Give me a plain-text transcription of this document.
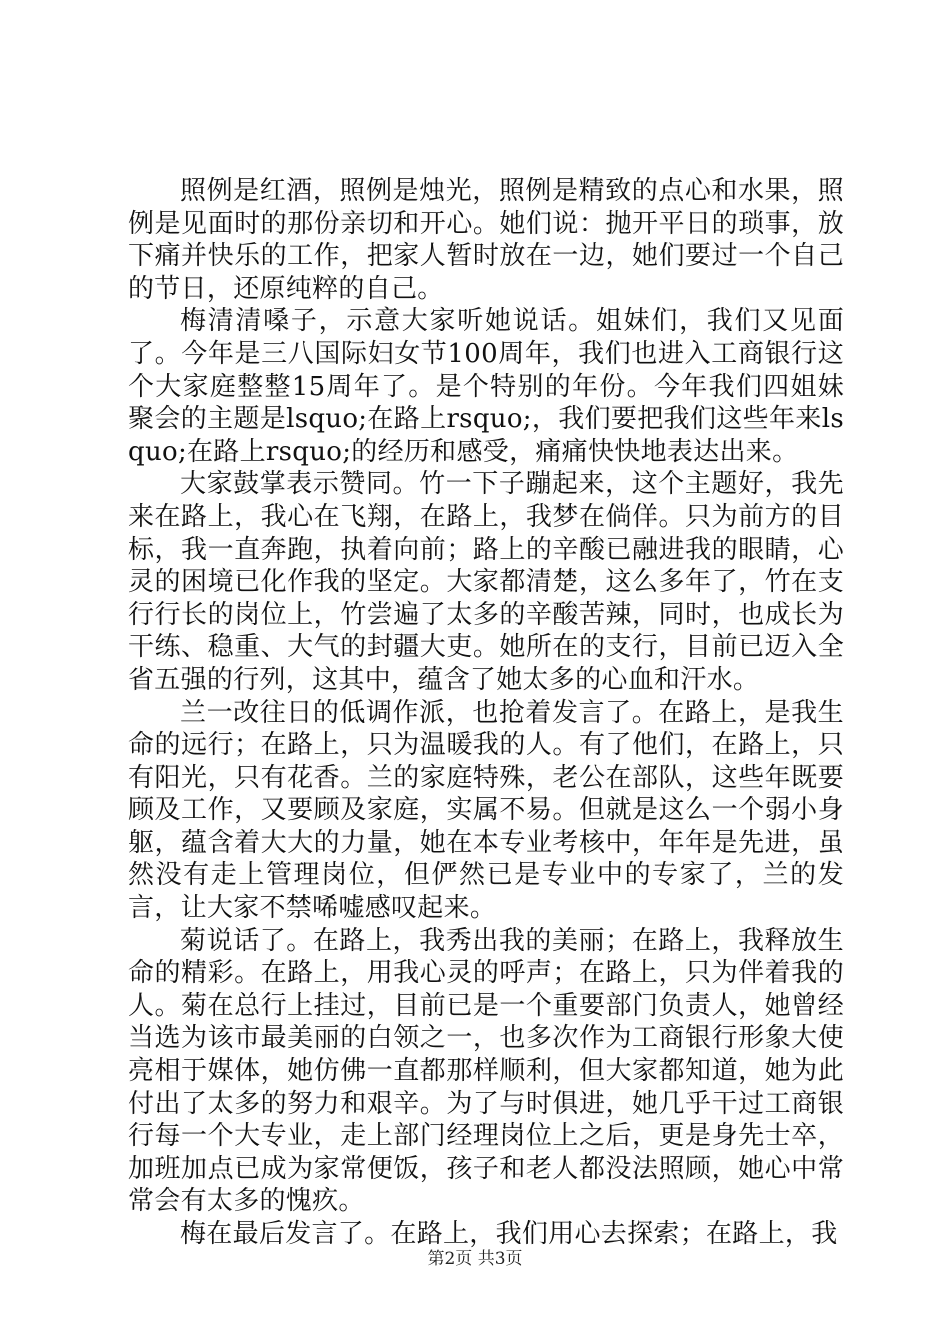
照例是红酒，照例是烛光，照例是精致的点心和水果，照例是见面时的那份亲切和开心。她们说：抛开平日的琐事，放下痛并快乐的工作，把家人暂时放在一边，她们要过一个自己的节日，还原纯粹的自己。

梅清清嗓子，示意大家听她说话。姐妹们，我们又见面了。今年是三八国际妇女节100周年，我们也进入工商银行这个大家庭整整15周年了。是个特别的年份。今年我们四姐妹聚会的主题是lsquo;在路上rsquo;，我们要把我们这些年来lsquo;在路上rsquo;的经历和感受，痛痛快快地表达出来。

大家鼓掌表示赞同。竹一下子蹦起来，这个主题好，我先来在路上，我心在飞翔，在路上，我梦在倘佯。只为前方的目标，我一直奔跑，执着向前；路上的辛酸已融进我的眼睛，心灵的困境已化作我的坚定。大家都清楚，这么多年了，竹在支行行长的岗位上，竹尝遍了太多的辛酸苦辣，同时，也成长为干练、稳重、大气的封疆大吏。她所在的支行，目前已迈入全省五强的行列，这其中，蕴含了她太多的心血和汗水。

兰一改往日的低调作派，也抢着发言了。在路上，是我生命的远行；在路上，只为温暖我的人。有了他们，在路上，只有阳光，只有花香。兰的家庭特殊，老公在部队，这些年既要顾及工作，又要顾及家庭，实属不易。但就是这么一个弱小身躯，蕴含着大大的力量，她在本专业考核中，年年是先进，虽然没有走上管理岗位，但俨然已是专业中的专家了，兰的发言，让大家不禁唏嘘感叹起来。

菊说话了。在路上，我秀出我的美丽；在路上，我释放生命的精彩。在路上，用我心灵的呼声；在路上，只为伴着我的人。菊在总行上挂过，目前已是一个重要部门负责人，她曾经当选为该市最美丽的白领之一，也多次作为工商银行形象大使亮相于媒体，她仿佛一直都那样顺利，但大家都知道，她为此付出了太多的努力和艰辛。为了与时俱进，她几乎干过工商银行每一个大专业，走上部门经理岗位上之后，更是身先士卒，加班加点已成为家常便饭，孩子和老人都没法照顾，她心中常常会有太多的愧疚。

梅在最后发言了。在路上，我们用心去探索；在路上，我

第2页 共3页
